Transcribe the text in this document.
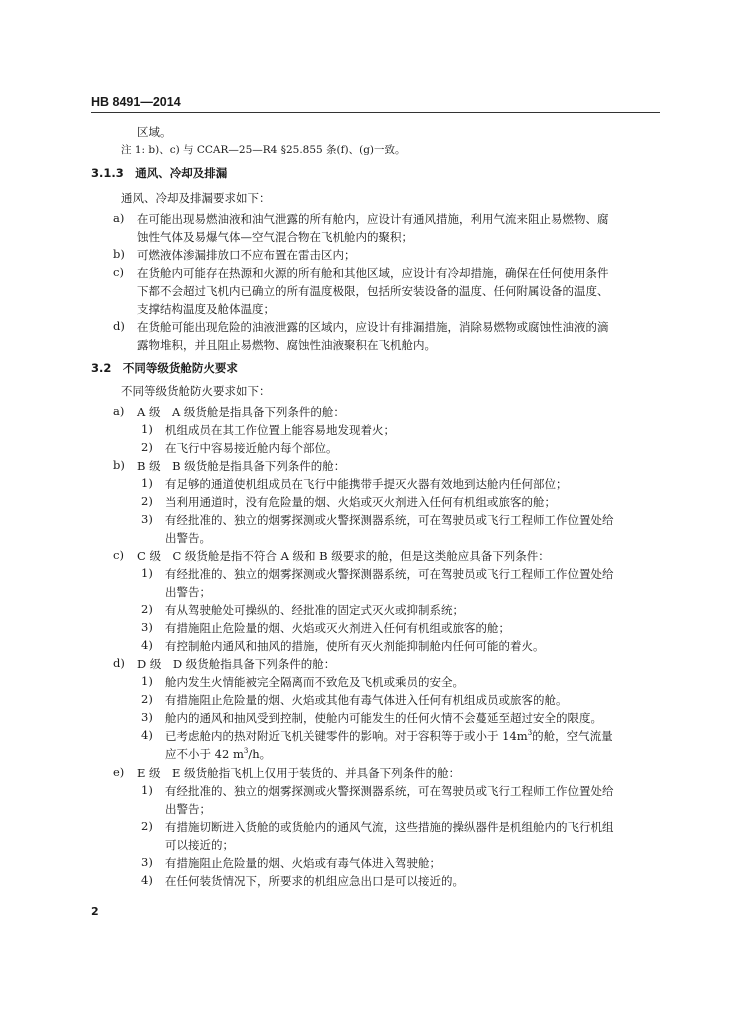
HB 8491—2014
区域。
注 1: b)、c) 与 CCAR—25—R4 §25.855 条(f)、(g)一致。
3.1.3　通风、冷却及排漏
通风、冷却及排漏要求如下：
a) 在可能出现易燃油液和油气泄露的所有舱内，应设计有通风措施，利用气流来阻止易燃物、腐
蚀性气体及易爆气体—空气混合物在飞机舱内的聚积；
b) 可燃液体渗漏排放口不应布置在雷击区内；
c) 在货舱内可能存在热源和火源的所有舱和其他区域，应设计有冷却措施，确保在任何使用条件
下都不会超过飞机内已确立的所有温度极限，包括所安装设备的温度、任何附属设备的温度、
支撑结构温度及舱体温度；
d) 在货舱可能出现危险的油液泄露的区域内，应设计有排漏措施，消除易燃物或腐蚀性油液的滴
露物堆积，并且阻止易燃物、腐蚀性油液聚积在飞机舱内。
3.2　不同等级货舱防火要求
不同等级货舱防火要求如下：
a) A 级　A 级货舱是指具备下列条件的舱：
1) 机组成员在其工作位置上能容易地发现着火；
2) 在飞行中容易接近舱内每个部位。
b) B 级　B 级货舱是指具备下列条件的舱：
1) 有足够的通道使机组成员在飞行中能携带手提灭火器有效地到达舱内任何部位；
2) 当利用通道时，没有危险量的烟、火焰或灭火剂进入任何有机组或旅客的舱；
3) 有经批准的、独立的烟雾探测或火警探测器系统，可在驾驶员或飞行工程师工作位置处给
出警告。
c) C 级　C 级货舱是指不符合 A 级和 B 级要求的舱，但是这类舱应具备下列条件：
1) 有经批准的、独立的烟雾探测或火警探测器系统，可在驾驶员或飞行工程师工作位置处给
出警告；
2) 有从驾驶舱处可操纵的、经批准的固定式灭火或抑制系统；
3) 有措施阻止危险量的烟、火焰或灭火剂进入任何有机组或旅客的舱；
4) 有控制舱内通风和抽风的措施，使所有灭火剂能抑制舱内任何可能的着火。
d) D 级　D 级货舱指具备下列条件的舱：
1) 舱内发生火情能被完全隔离而不致危及飞机或乘员的安全。
2) 有措施阻止危险量的烟、火焰或其他有毒气体进入任何有机组成员或旅客的舱。
3) 舱内的通风和抽风受到控制，使舱内可能发生的任何火情不会蔓延至超过安全的限度。
4) 已考虑舱内的热对附近飞机关键零件的影响。对于容积等于或小于 $14m^3$的舱，空气流量
应不小于 42 $m^3/h$。
e) E 级　E 级货舱指飞机上仅用于装货的、并具备下列条件的舱：
1) 有经批准的、独立的烟雾探测或火警探测器系统，可在驾驶员或飞行工程师工作位置处给
出警告；
2) 有措施切断进入货舱的或货舱内的通风气流，这些措施的操纵器件是机组舱内的飞行机组
可以接近的；
3) 有措施阻止危险量的烟、火焰或有毒气体进入驾驶舱；
4) 在任何装货情况下，所要求的机组应急出口是可以接近的。
2
